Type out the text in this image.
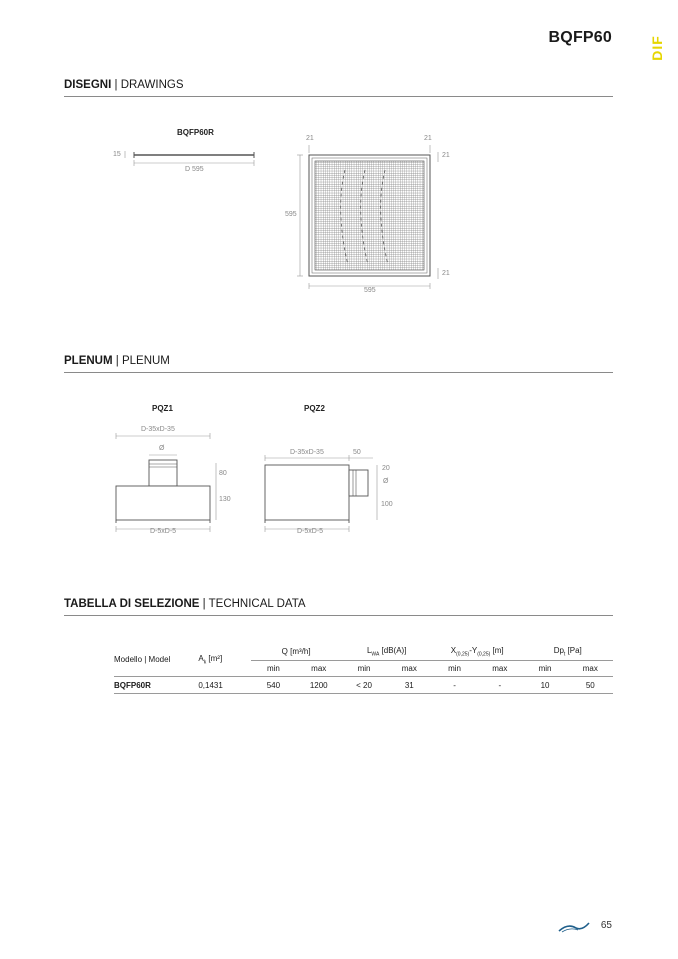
BQFP60	DIF
DISEGNI | DRAWINGS
BQFP60R
15
D 595
21	21
21
21
595
595
PLENUM | PLENUM
PQZ1
D-35xD-35
Ø
80
130
D-5xD-5
PQZ2
D-35xD-35	50
20
Ø
100
D-5xD-5
TABELLA DI SELEZIONE | TECHNICAL DATA
Modello | Model	$A_k$ [m²]	Q [m³/h]		$L_{WA}$ [dB(A)]		$X_{(0,25)}-Y_{(0,25)}$ [m]		$Dp_t$ [Pa]	
		min	max	min	max	min	max	min	max
BQFP60R	0,1431	540	1200	< 20	31	-	-	10	50
65
